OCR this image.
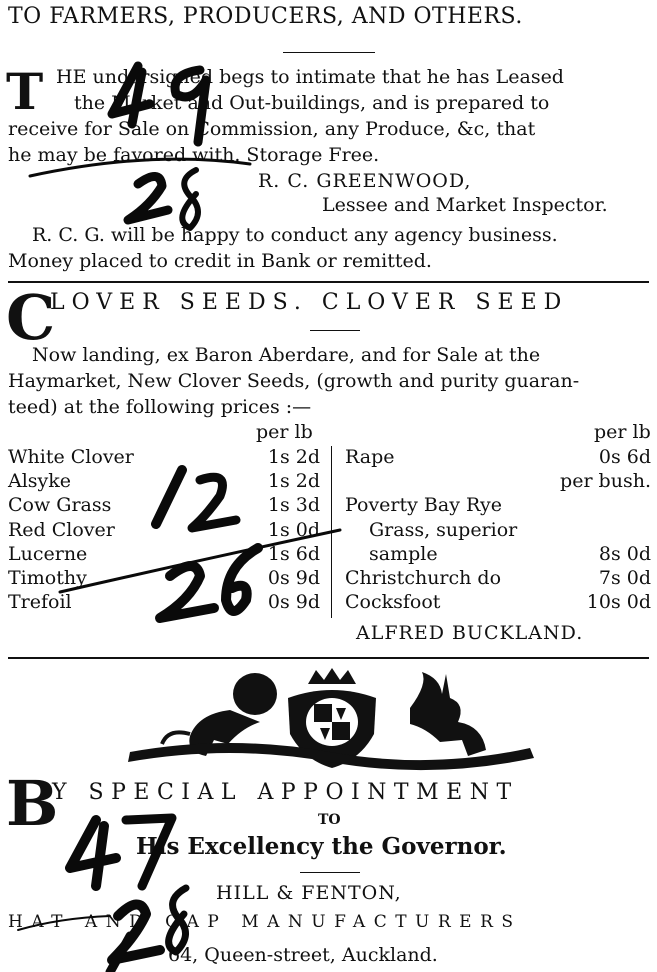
TO FARMERS, PRODUCERS, AND OTHERS.
T HE undersigned begs to intimate that he has Leased
the Market and Out-buildings, and is prepared to
receive for Sale on Commission, any Produce, &c, that
he may be favored with. Storage Free.
R. C. GREENWOOD,
Lessee and Market Inspector.
R. C. G. will be happy to conduct any agency business.
Money placed to credit in Bank or remitted.
C
LOVER SEEDS. CLOVER SEED
Now landing, ex Baron Aberdare, and for Sale at the
Haymarket, New Clover Seeds, (growth and purity guaran-
teed) at the following prices :—
per lb	per lb
White Clover	1s 2d
Alsyke	1s 2d
Cow Grass	1s 3d
Red Clover	1s 0d
Lucerne	1s 6d
Timothy	0s 9d
Trefoil	0s 9d
Rape	0s 6d
per bush.
Poverty Bay Rye
Grass, superior
sample	8s 0d
Christchurch do	7s 0d
Cocksfoot	10s 0d
ALFRED BUCKLAND.
B
Y SPECIAL APPOINTMENT
TO
His Excellency the Governor.
HILL & FENTON,
HAT AND CAP MANUFACTURERS
64, Queen-street, Auckland.
